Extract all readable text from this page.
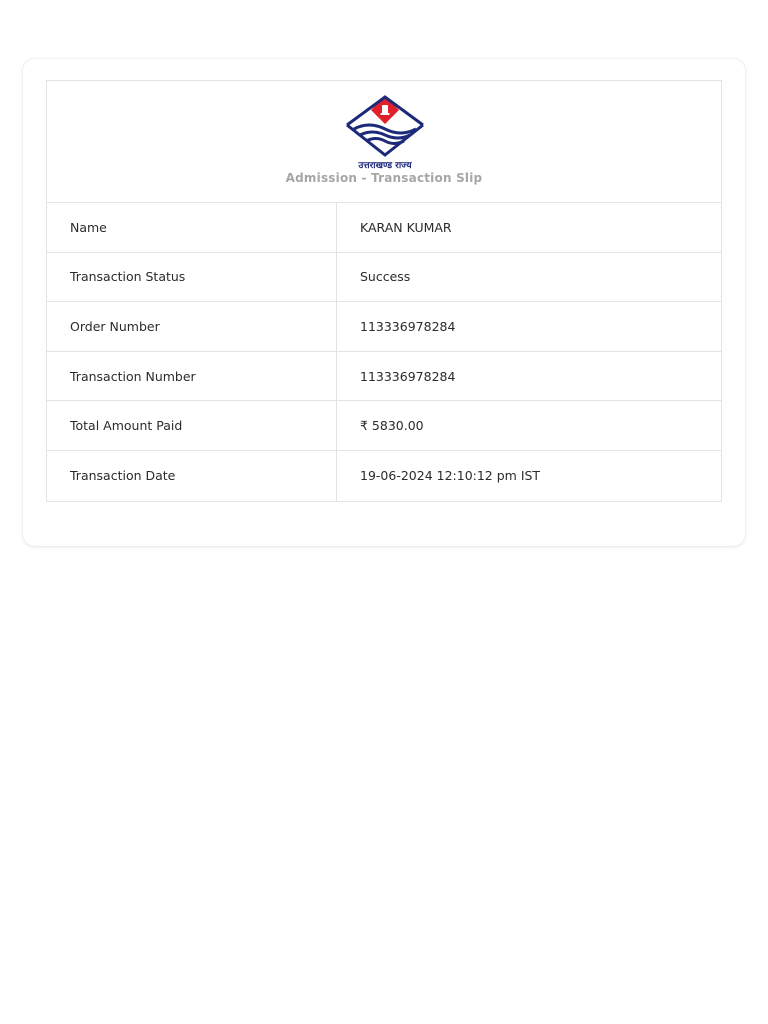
उत्तराखण्ड राज्य
Admission - Transaction Slip
Name	KARAN KUMAR
Transaction Status	Success
Order Number	113336978284
Transaction Number	113336978284
Total Amount Paid	₹ 5830.00
Transaction Date	19-06-2024 12:10:12 pm IST
